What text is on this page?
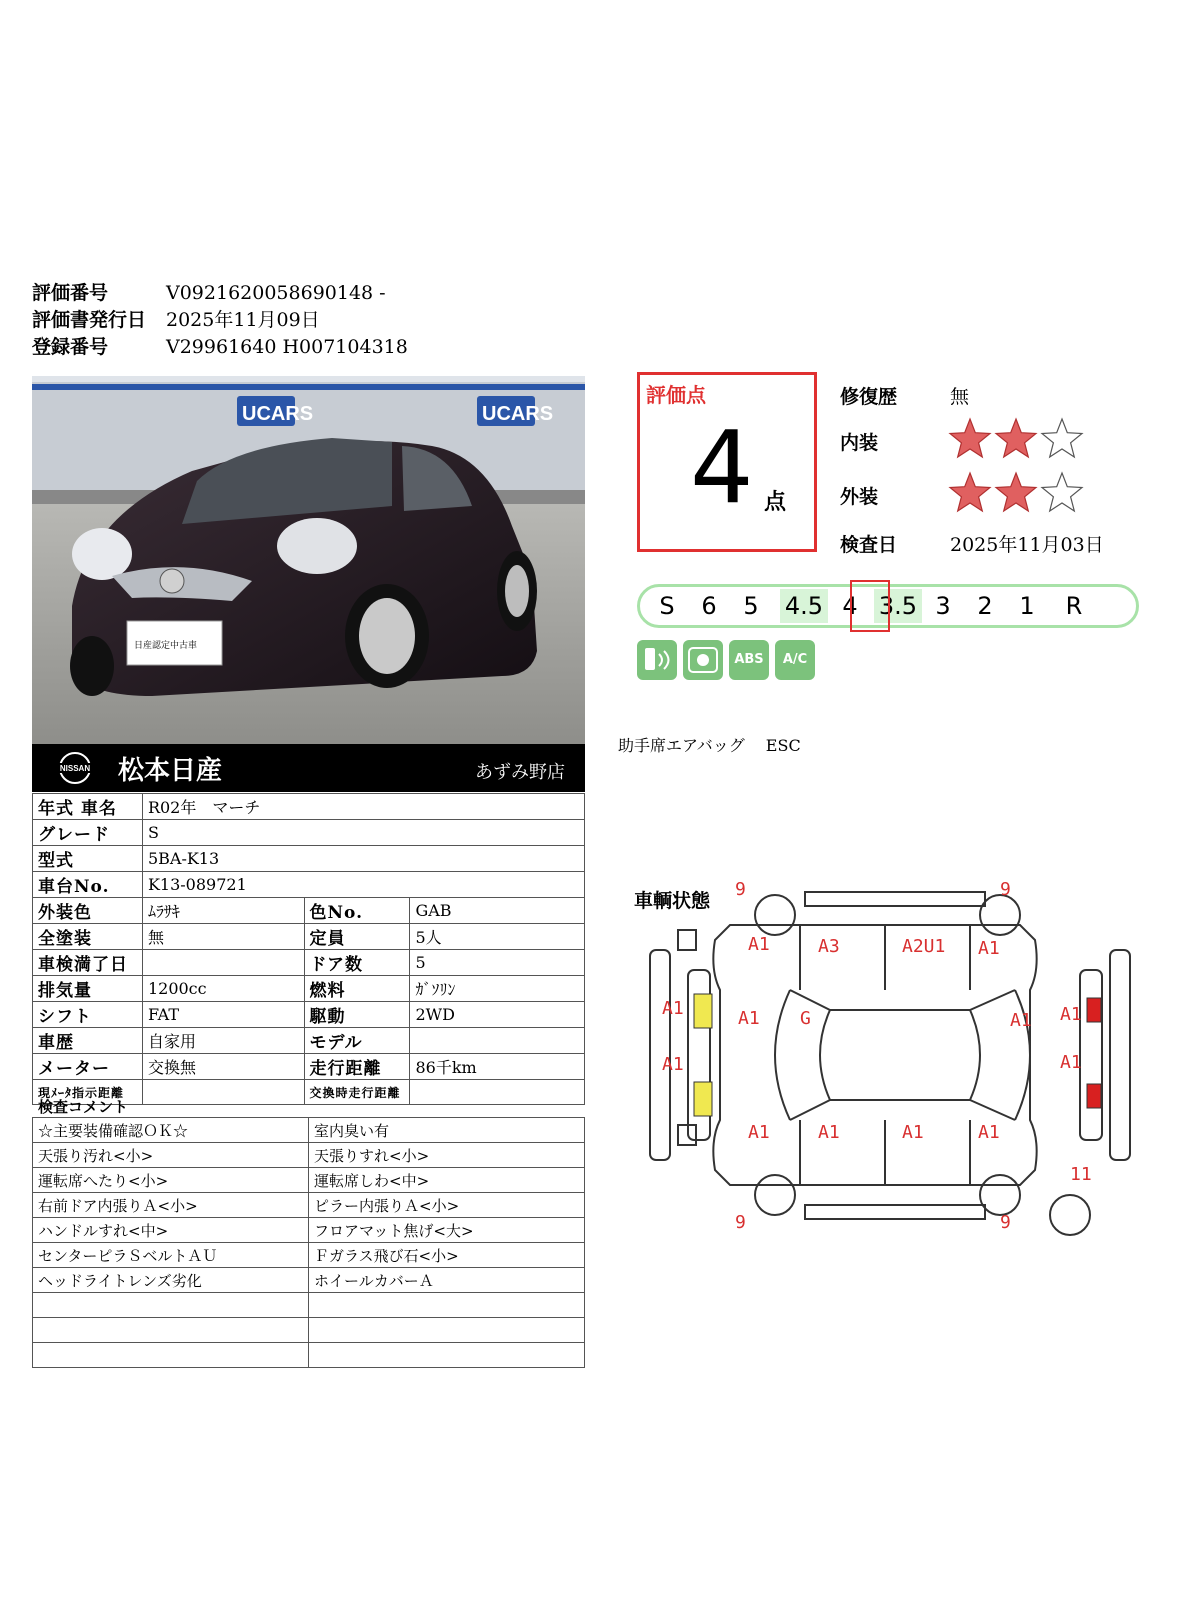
評価番号	V0921620058690148 -
評価書発行日 2025年11月09日
登録番号	V29961640 H007104318
UCARS	UCARS
日産認定中古車
NISSAN 松本日産	あずみ野店
年式 車名	R02年　マーチ		
グレード	S		
型式	5BA-K13		
車台No.	K13-089721		
外装色	ﾑﾗｻｷ	色No.	GAB
全塗装	無	定員	5人
車検満了日		ドア数	5
排気量	1200cc	燃料	ｶﾞｿﾘﾝ
シフト	FAT	駆動	2WD
車歴	自家用	モデル	
メーター	交換無	走行距離	86千km
現ﾒｰﾀ指示距離		交換時走行距離	
検査コメント
☆主要装備確認ＯＫ☆	室内臭い有
天張り汚れ<小>	天張りすれ<小>
運転席へたり<小>	運転席しわ<中>
右前ドア内張りＡ<小>	ピラー内張りＡ<小>
ハンドルすれ<中>	フロアマット焦げ<大>
センターピラＳベルトＡＵ	Ｆガラス飛び石<小>
ヘッドライトレンズ劣化	ホイールカバーＡ

評価点
4 点
修復歴	無
内装
外装
検査日	2025年11月03日
S	6	5	4.5 4 3.5 3	2	1	R
ABS	A/C
助手席エアバッグ　 ESC
車輌状態
9	9
9	9
11
A1	A3	A2U1 A1
A1 G
A1
A1
A1 A1
A1
A1	A1	A1	A1
